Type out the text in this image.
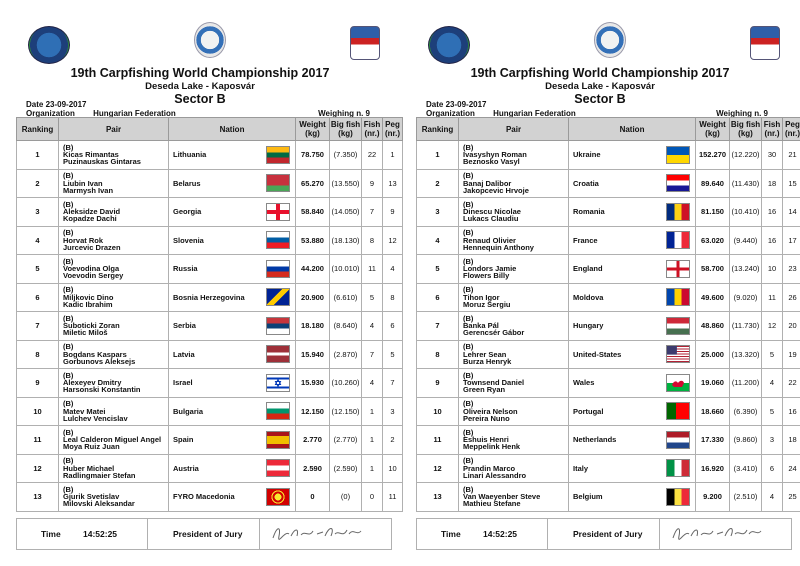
19th Carpfishing World Championship 2017
Deseda Lake - Kaposvár
Sector B
Date 23-09-2017
Organization Hungarian Federation	Weighing n. 9
Ranking	Pair	Nation		Weight
(kg)	Big fish
(kg)	Fish
(nr.)	Peg
(nr.)
1	(B)
Kicas Rimantas
Puzinauskas Gintaras	Lithuania		78.750	(7.350)	22	1
2	(B)
Liubin Ivan
Marmysh Ivan	Belarus		65.270	(13.550)	9	13
3	(B)
Aleksidze David
Kopadze Dachi	Georgia		58.840	(14.050)	7	9
4	(B)
Horvat Rok
Jurcevic Drazen	Slovenia		53.880	(18.130)	8	12
5	(B)
Voevodina Olga
Voevodin Sergey	Russia		44.200	(10.010)	11	4
6	(B)
Miljkovic Dino
Kadic Ibrahim	Bosnia Herzegovina		20.900	(6.610)	5	8
7	(B)
Suboticki Zoran
Miletic Miloš	Serbia		18.180	(8.640)	4	6
8	(B)
Bogdans Kaspars
Gorbunovs Aleksejs	Latvia		15.940	(2.870)	7	5
9	(B)
Alexeyev Dmitry
Harsonski Konstantin	Israel		15.930	(10.260)	4	7
10	(B)
Matev Matei
Lulchev Vencislav	Bulgaria		12.150	(12.150)	1	3
11	(B)
Leal Calderon Miguel Angel
Moya Ruiz Juan	Spain		2.770	(2.770)	1	2
12	(B)
Huber Michael
Radlingmaier Stefan	Austria		2.590	(2.590)	1	10
13	(B)
Gjurik Svetislav
Milovski Aleksandar	FYRO Macedonia		0	(0)	0	11
Time	14:52:25	President of Jury
19th Carpfishing World Championship 2017
Deseda Lake - Kaposvár
Sector B
Date 23-09-2017
Organization Hungarian Federation	Weighing n. 9
Ranking	Pair	Nation		Weight
(kg)	Big fish
(kg)	Fish
(nr.)	Peg
(nr.)
1	(B)
Ivasyshyn Roman
Beznosko Vasyl	Ukraine		152.270	(12.220)	30	21
2	(B)
Banaj Dalibor
Jakopcevic Hrvoje	Croatia		89.640	(11.430)	18	15
3	(B)
Dinescu Nicolae
Lukacs Claudiu	Romania		81.150	(10.410)	16	14
4	(B)
Renaud Olivier
Hennequin Anthony	France		63.020	(9.440)	16	17
5	(B)
Londors Jamie
Flowers Billy	England		58.700	(13.240)	10	23
6	(B)
Tihon Igor
Moruz Sergiu	Moldova		49.600	(9.020)	11	26
7	(B)
Banka Pál
Gerencsér Gábor	Hungary		48.860	(11.730)	12	20
8	(B)
Lehrer Sean
Burza Henryk	United-States		25.000	(13.320)	5	19
9	(B)
Townsend Daniel
Green Ryan	Wales		19.060	(11.200)	4	22
10	(B)
Oliveira Nelson
Pereira Nuno	Portugal		18.660	(6.390)	5	16
11	(B)
Eshuis Henri
Meppelink Henk	Netherlands		17.330	(9.860)	3	18
12	(B)
Prandin Marco
Linari Alessandro	Italy		16.920	(3.410)	6	24
13	(B)
Van Waeyenber Steve
Mathieu Stefane	Belgium		9.200	(2.510)	4	25
Time	14:52:25	President of Jury
